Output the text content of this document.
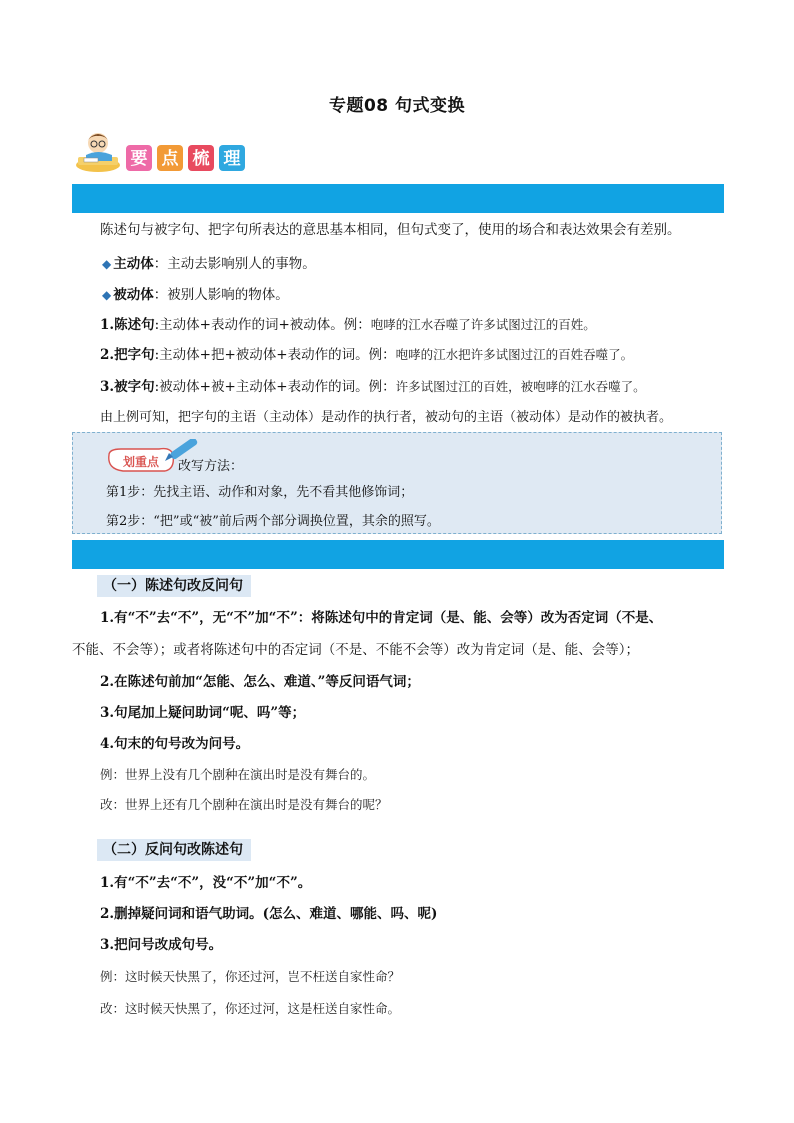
专题08 句式变换
要 点 梳 理
陈述句与被字句、把字句所表达的意思基本相同，但句式变了，使用的场合和表达效果会有差别。
◆ 主动体：主动去影响别人的事物。
◆ 被动体：被别人影响的物体。
1.陈述句:主动体+表动作的词+被动体。例：咆哮的江水吞噬了许多试图过江的百姓。
2.把字句:主动体+把+被动体+表动作的词。例：咆哮的江水把许多试图过江的百姓吞噬了。
3.被字句:被动体+被+主动体+表动作的词。例：许多试图过江的百姓，被咆哮的江水吞噬了。
由上例可知，把字句的主语（主动体）是动作的执行者，被动句的主语（被动体）是动作的被执者。
划重点 改写方法：
第1步：先找主语、动作和对象，先不看其他修饰词；
第2步：“把”或“被”前后两个部分调换位置，其余的照写。
（一）陈述句改反问句
1.有“不”去“不”，无“不”加“不”：将陈述句中的肯定词（是、能、会等）改为否定词（不是、
不能、不会等）；或者将陈述句中的否定词（不是、不能不会等）改为肯定词（是、能、会等）；
2.在陈述句前加“怎能、怎么、难道、”等反问语气词；
3.句尾加上疑问助词“呢、吗”等；
4.句末的句号改为问号。
例：世界上没有几个剧种在演出时是没有舞台的。
改：世界上还有几个剧种在演出时是没有舞台的呢？
（二）反问句改陈述句
1.有“不”去“不”，没“不”加“不”。
2.删掉疑问词和语气助词。(怎么、难道、哪能、吗、呢)
3.把问号改成句号。
例：这时候天快黑了，你还过河，岂不枉送自家性命？
改：这时候天快黑了，你还过河，这是枉送自家性命。
